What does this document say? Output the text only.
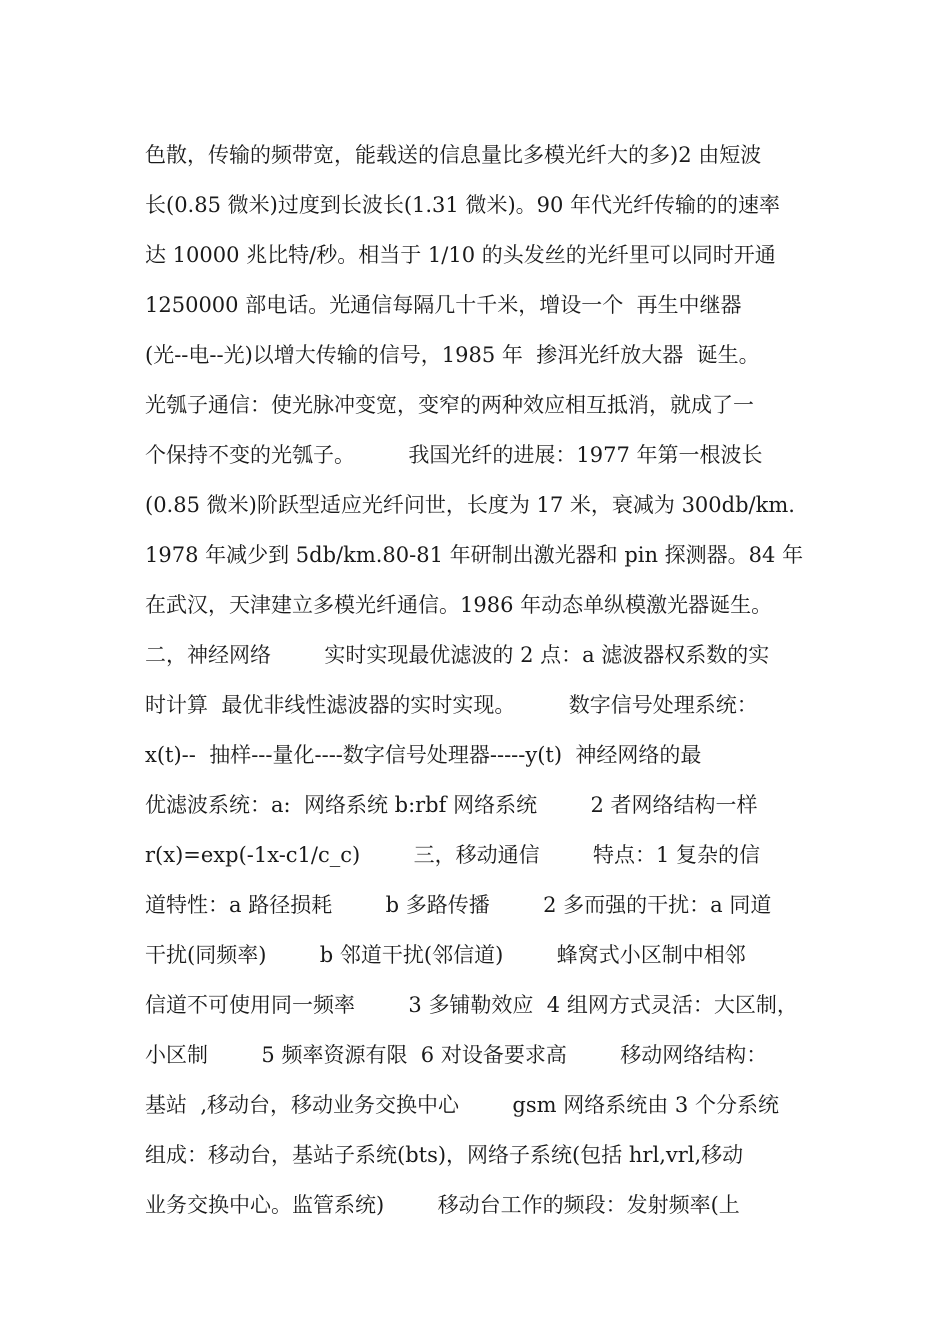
色散，传输的频带宽，能载送的信息量比多模光纤大的多)2 由短波
长(0.85 微米)过度到长波长(1.31 微米)。90 年代光纤传输的的速率
达 10000 兆比特/秒。相当于 1/10 的头发丝的光纤里可以同时开通
1250000 部电话。光通信每隔几十千米，增设一个  再生中继器
(光--电--光)以增大传输的信号，1985 年  掺洱光纤放大器  诞生。
光瓠子通信：使光脉冲变宽，变窄的两种效应相互抵消，就成了一
个保持不变的光瓠子。        我国光纤的进展：1977 年第一根波长
(0.85 微米)阶跃型适应光纤问世，长度为 17 米，衰减为 300db/km.
1978 年减少到 5db/km.80-81 年研制出激光器和 pin 探测器。84 年
在武汉，天津建立多模光纤通信。1986 年动态单纵模激光器诞生。
二，神经网络        实时实现最优滤波的 2 点：a 滤波器权系数的实
时计算  最优非线性滤波器的实时实现。        数字信号处理系统：
x(t)--  抽样---量化----数字信号处理器-----y(t)  神经网络的最
优滤波系统：a:  网络系统 b:rbf 网络系统        2 者网络结构一样
r(x)=exp(-1x-c1/c_c)        三，移动通信        特点：1 复杂的信
道特性：a 路径损耗        b 多路传播        2 多而强的干扰：a 同道
干扰(同频率)        b 邻道干扰(邻信道)        蜂窝式小区制中相邻
信道不可使用同一频率        3 多铺勒效应  4 组网方式灵活：大区制，
小区制        5 频率资源有限  6 对设备要求高        移动网络结构：
基站  ,移动台，移动业务交换中心        gsm 网络系统由 3 个分系统
组成：移动台，基站子系统(bts)，网络子系统(包括 hrl,vrl,移动
业务交换中心。监管系统)        移动台工作的频段：发射频率(上
